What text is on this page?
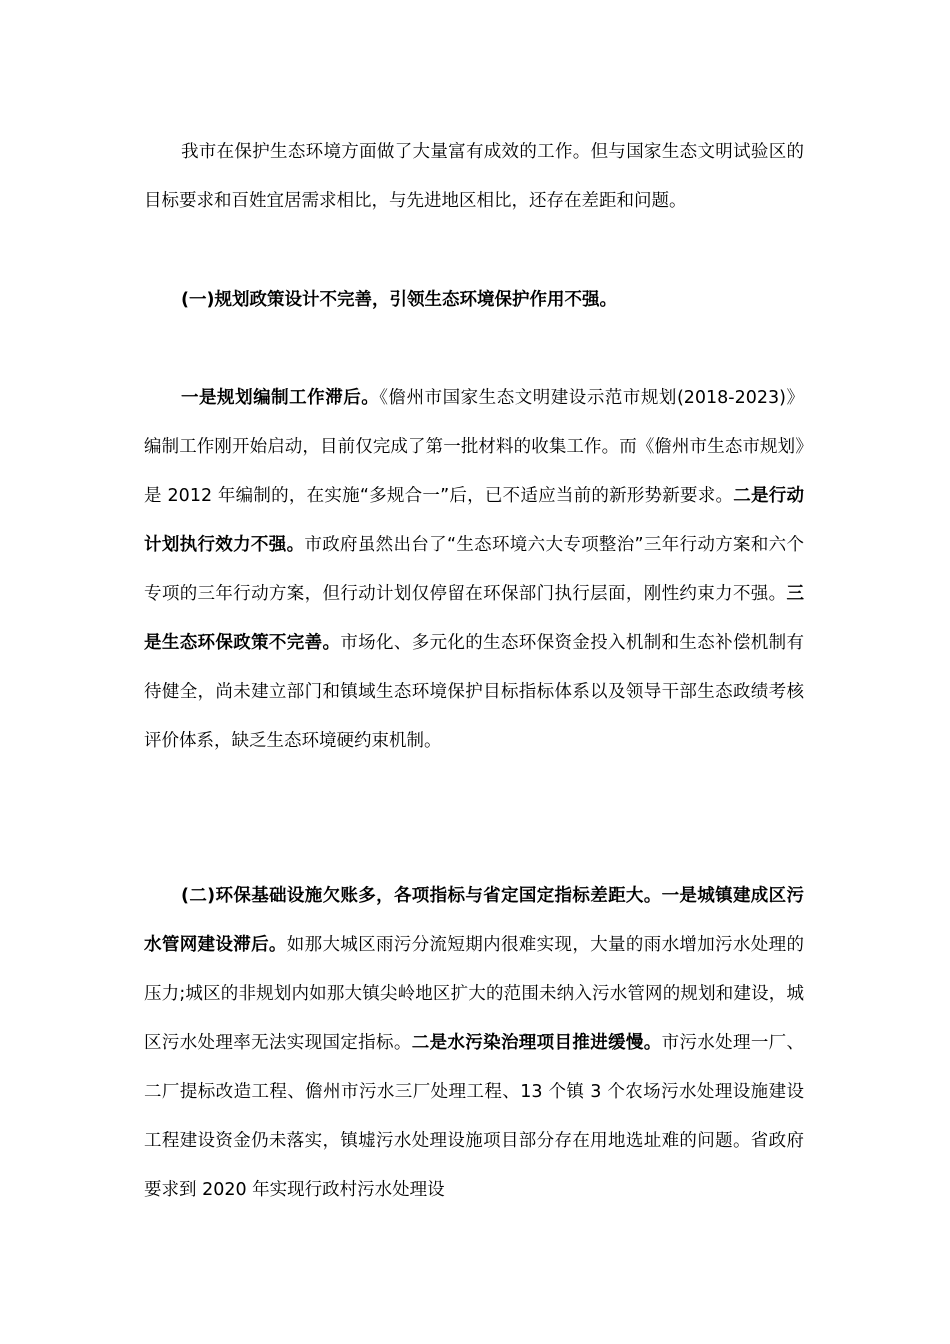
我市在保护生态环境方面做了大量富有成效的工作。但与国家生态文明试验区的目标要求和百姓宜居需求相比，与先进地区相比，还存在差距和问题。

(一)规划政策设计不完善，引领生态环境保护作用不强。

一是规划编制工作滞后。《儋州市国家生态文明建设示范市规划(2018-2023)》编制工作刚开始启动，目前仅完成了第一批材料的收集工作。而《儋州市生态市规划》是 2012 年编制的，在实施“多规合一”后，已不适应当前的新形势新要求。二是行动计划执行效力不强。市政府虽然出台了“生态环境六大专项整治”三年行动方案和六个专项的三年行动方案，但行动计划仅停留在环保部门执行层面，刚性约束力不强。三是生态环保政策不完善。市场化、多元化的生态环保资金投入机制和生态补偿机制有待健全，尚未建立部门和镇域生态环境保护目标指标体系以及领导干部生态政绩考核评价体系，缺乏生态环境硬约束机制。

(二)环保基础设施欠账多，各项指标与省定国定指标差距大。一是城镇建成区污水管网建设滞后。如那大城区雨污分流短期内很难实现，大量的雨水增加污水处理的压力;城区的非规划内如那大镇尖岭地区扩大的范围未纳入污水管网的规划和建设，城区污水处理率无法实现国定指标。二是水污染治理项目推进缓慢。市污水处理一厂、二厂提标改造工程、儋州市污水三厂处理工程、13 个镇 3 个农场污水处理设施建设工程建设资金仍未落实，镇墟污水处理设施项目部分存在用地选址难的问题。省政府要求到 2020 年实现行政村污水处理设
